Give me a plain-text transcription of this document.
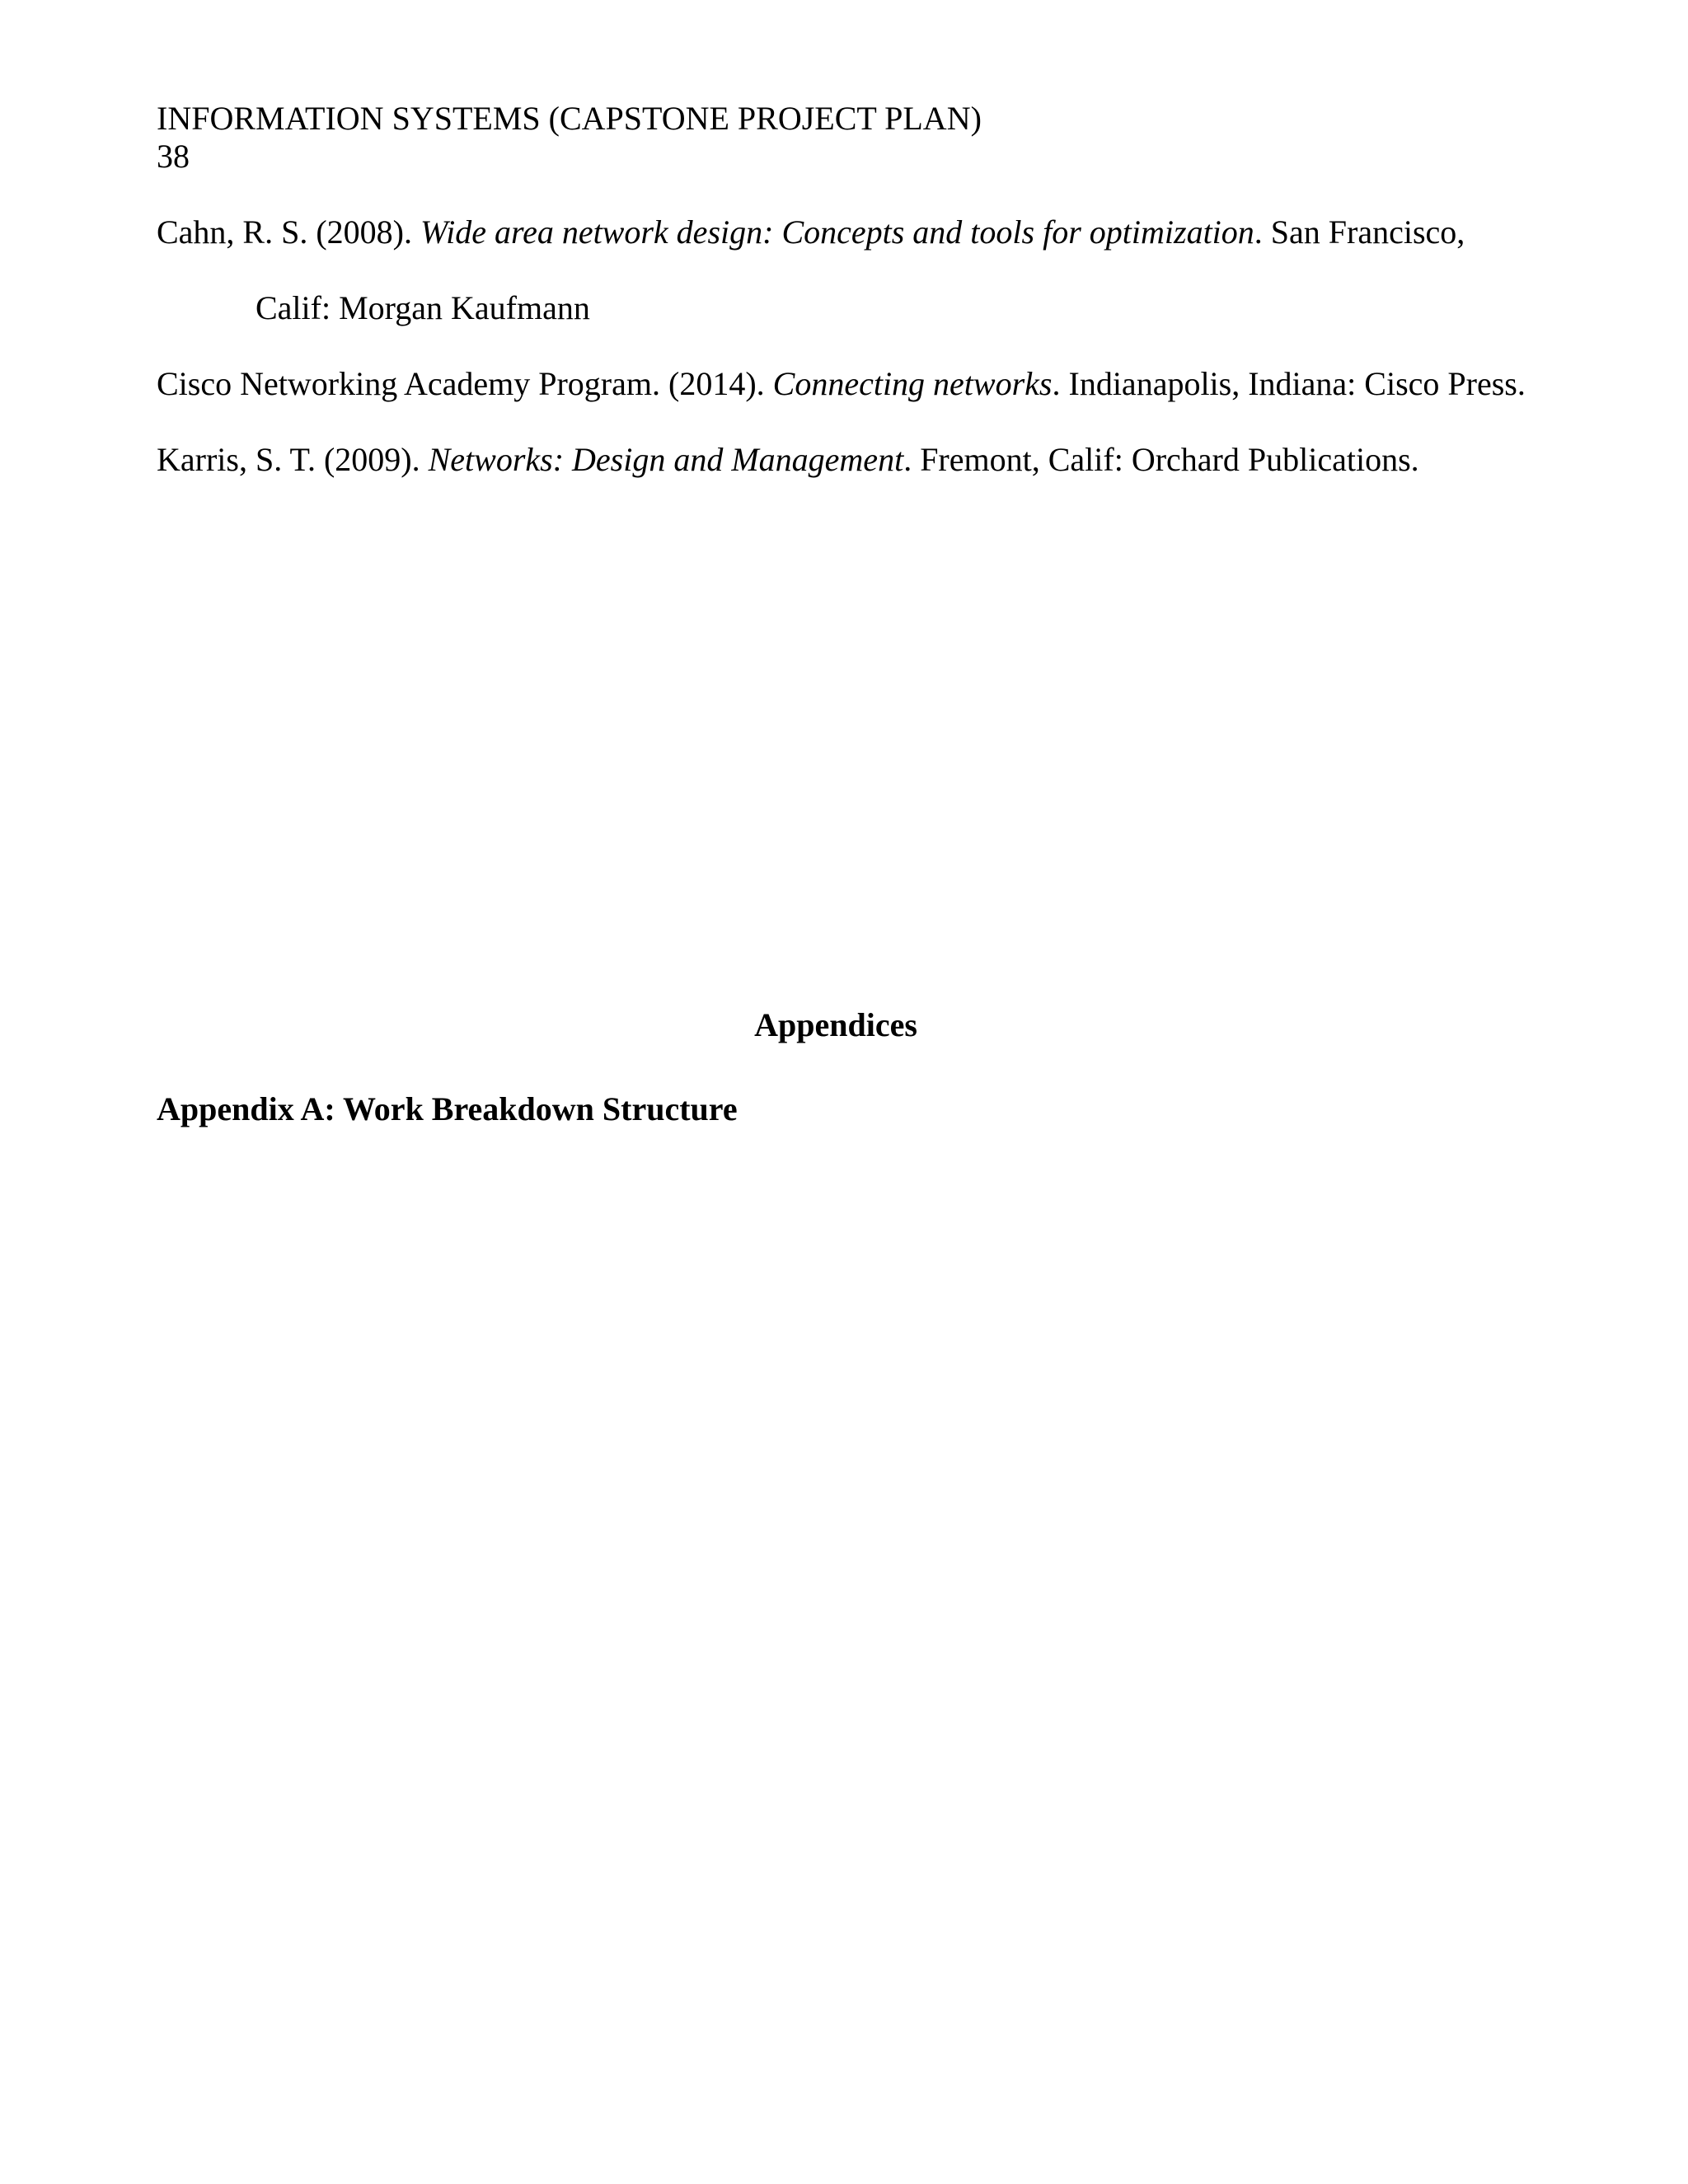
INFORMATION SYSTEMS (CAPSTONE PROJECT PLAN)
38
Cahn, R. S. (2008). Wide area network design: Concepts and tools for optimization. San Francisco,
Calif: Morgan Kaufmann
Cisco Networking Academy Program. (2014). Connecting networks. Indianapolis, Indiana: Cisco Press.
Karris, S. T. (2009). Networks: Design and Management. Fremont, Calif: Orchard Publications.
Appendices
Appendix A: Work Breakdown Structure
